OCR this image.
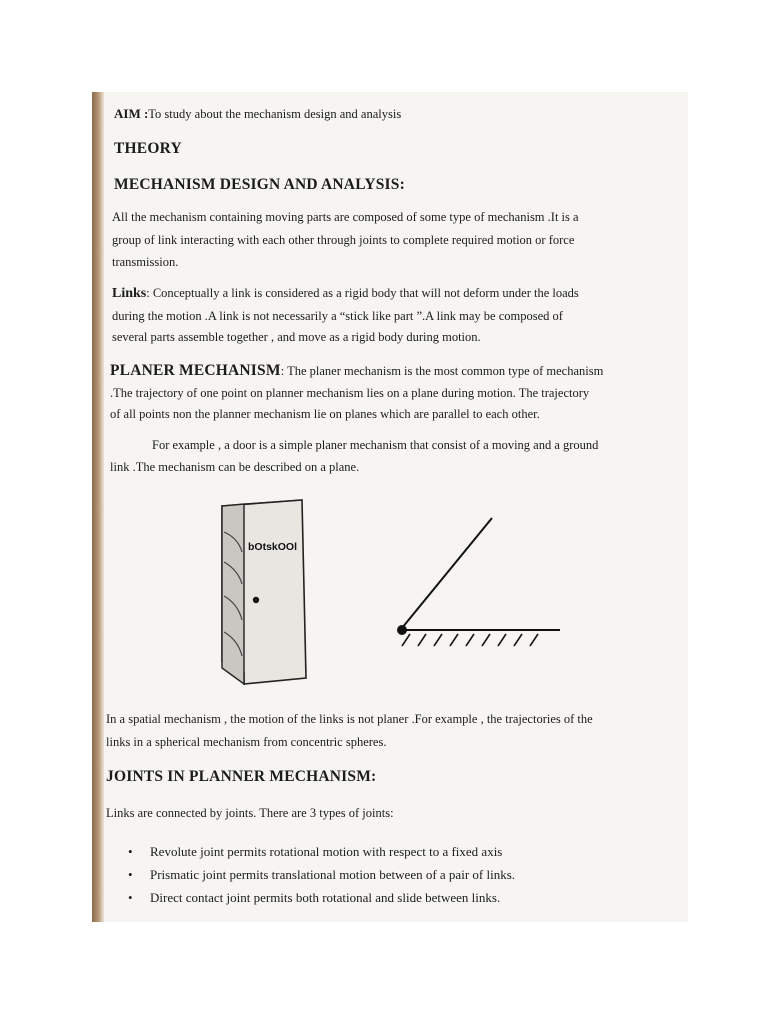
AIM :To study about the mechanism design and analysis
THEORY
MECHANISM DESIGN AND ANALYSIS:
All the mechanism containing moving parts are composed of some type of mechanism .It is a
group of link interacting with each other through joints to complete required motion or force
transmission.
Links: Conceptually a link is considered as a rigid body that will not deform under the loads
during the motion .A link is not necessarily a “stick like part ”.A link may be composed of
several parts assemble together , and move as a rigid body during motion.
PLANER MECHANISM: The planer mechanism is the most common type of mechanism
.The trajectory of one point on planner mechanism lies on a plane during motion. The trajectory
of all points non the planner mechanism lie on planes which are parallel to each other.
For example , a door is a simple planer mechanism that consist of a moving and a ground
link .The mechanism can be described on a plane.
bOtskOOl
In a spatial mechanism , the motion of the links is not planer .For example , the trajectories of the
links in a spherical mechanism from concentric spheres.
JOINTS IN PLANNER MECHANISM:
Links are connected by joints. There are 3 types of joints:
• Revolute joint permits rotational motion with respect to a fixed axis
• Prismatic joint permits translational motion between of a pair of links.
• Direct contact joint permits both rotational and slide between links.
